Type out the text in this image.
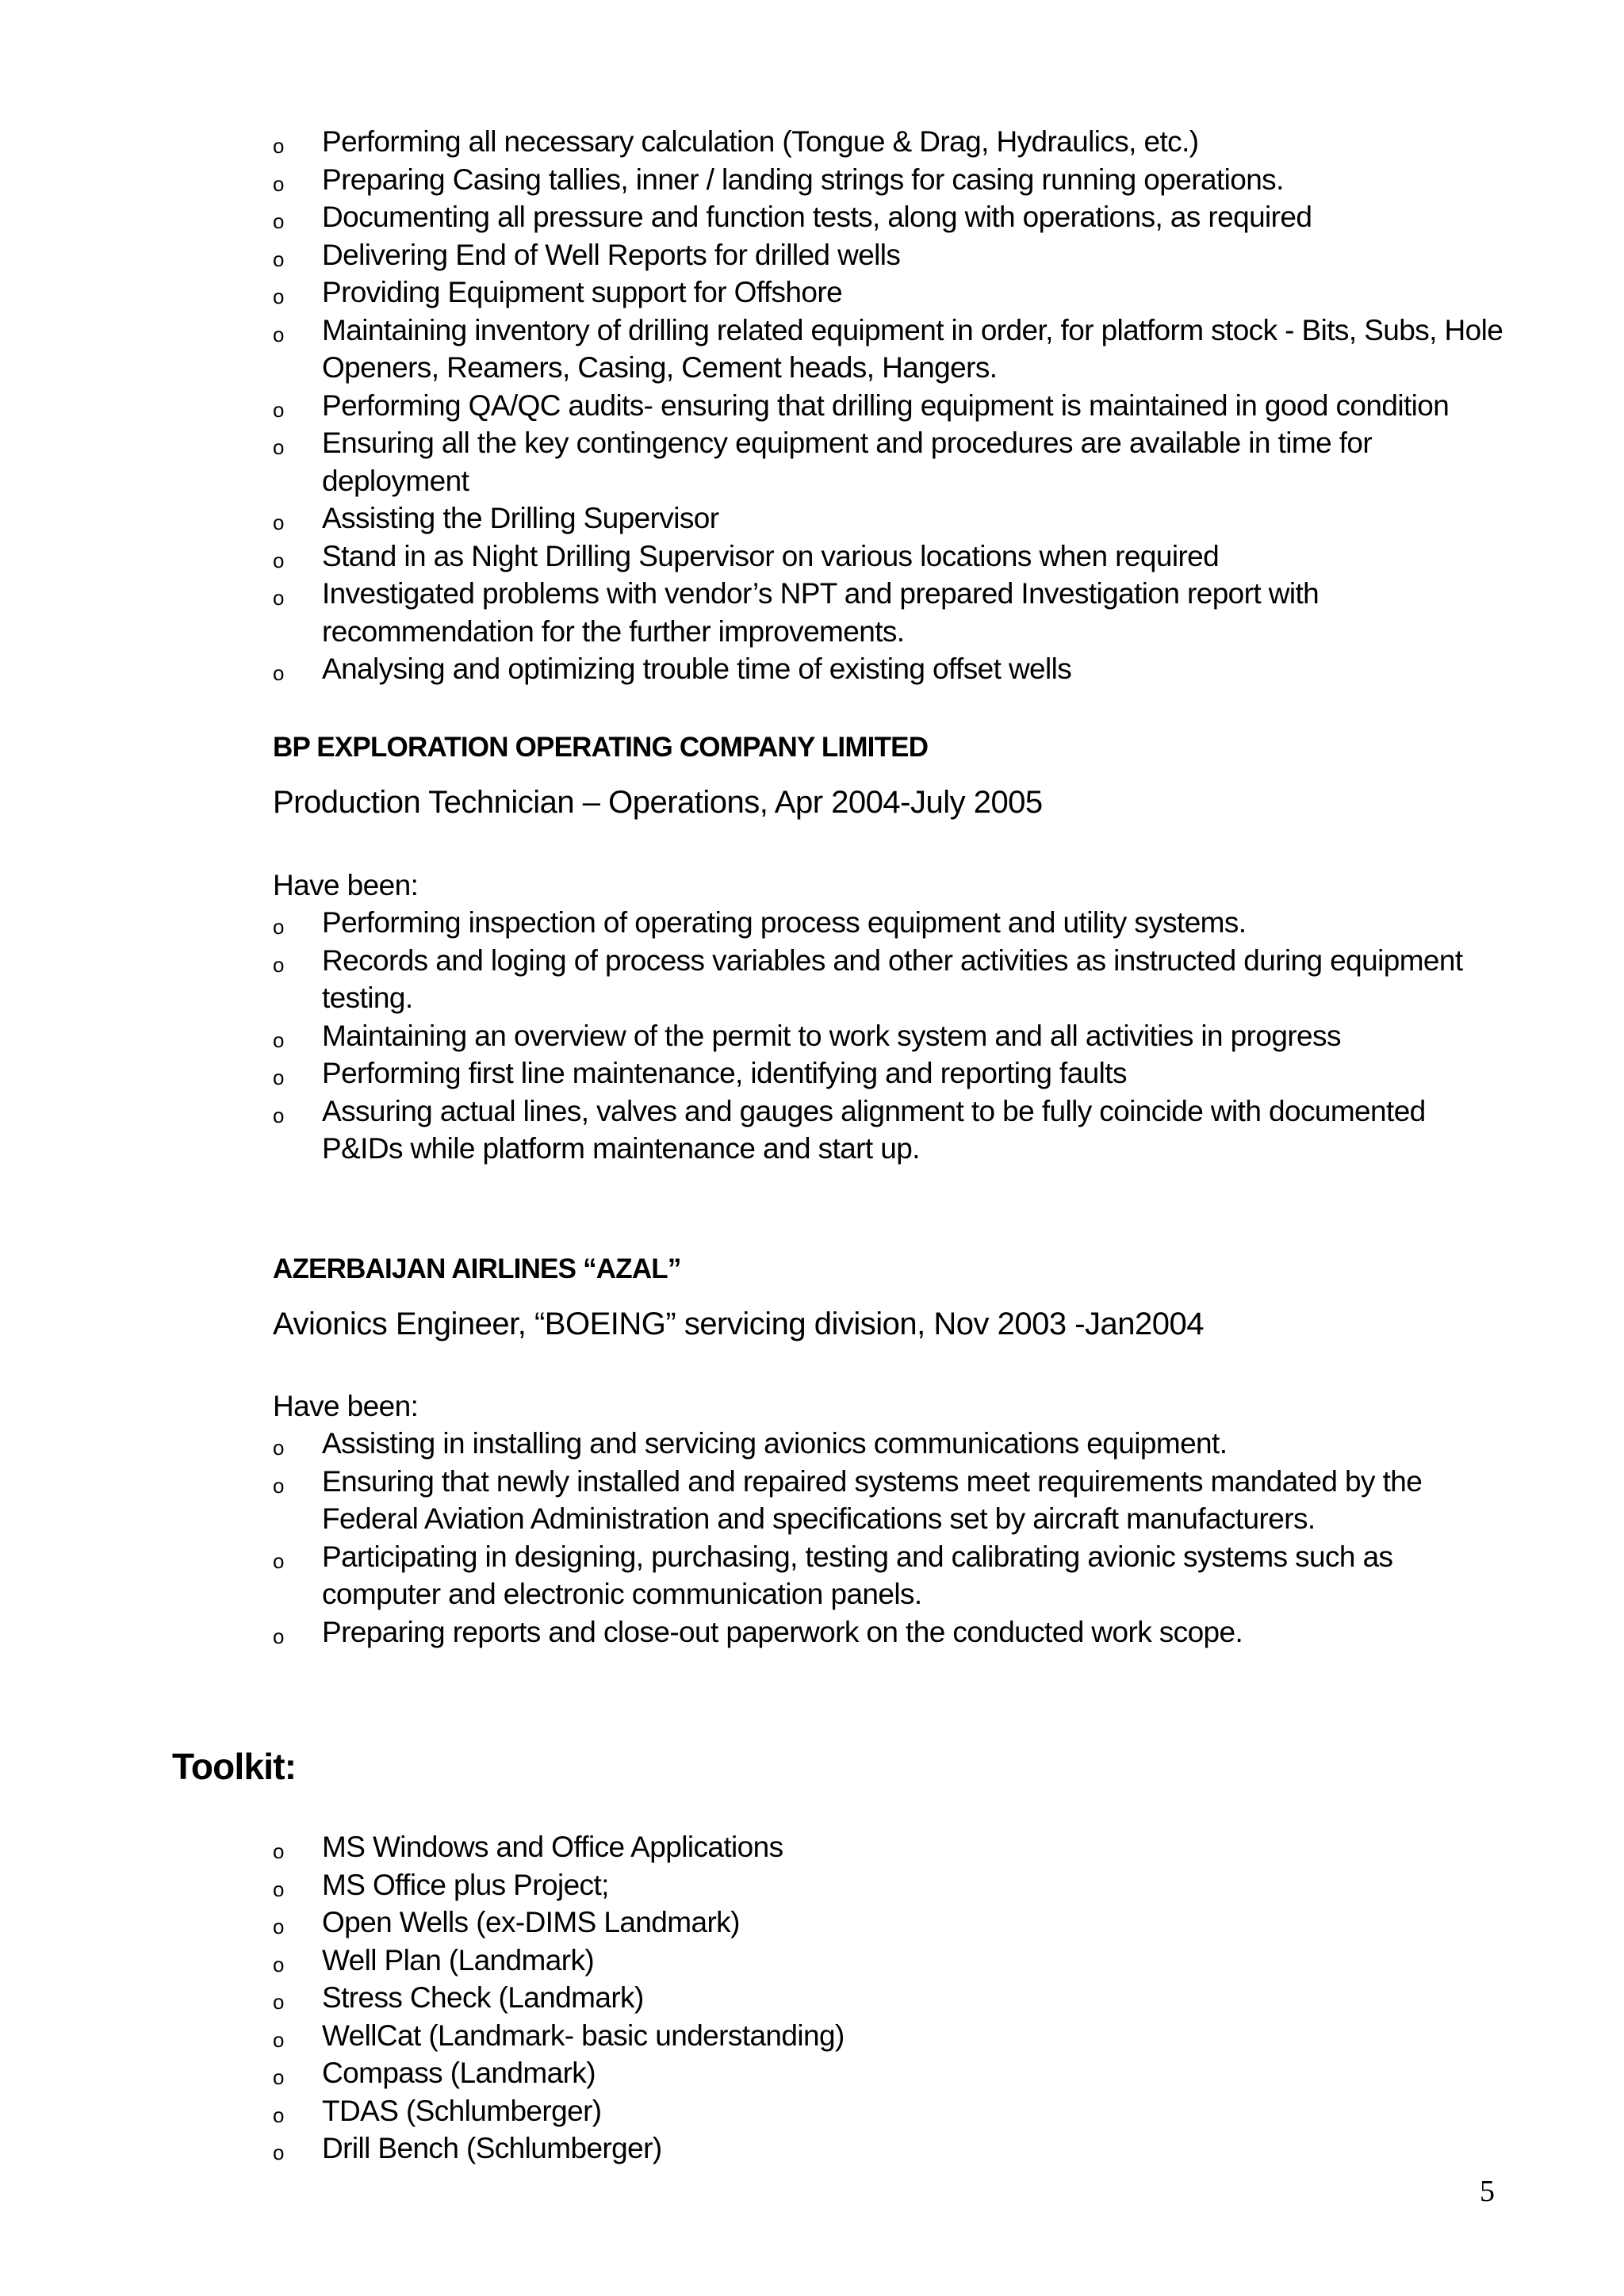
o Performing all necessary calculation (Tongue & Drag, Hydraulics, etc.)
o Preparing Casing tallies, inner / landing strings for casing running operations.
o Documenting all pressure and function tests, along with operations, as required
o Delivering End of Well Reports for drilled wells
o Providing Equipment support for Offshore
o Maintaining inventory of drilling related equipment in order, for platform stock - Bits, Subs, Hole Openers, Reamers, Casing, Cement heads, Hangers.
o Performing QA/QC audits- ensuring that drilling equipment is maintained in good condition
o Ensuring all the key contingency equipment and procedures are available in time for deployment
o Assisting the Drilling Supervisor
o Stand in as Night Drilling Supervisor on various locations when required
o Investigated problems with vendor’s NPT and prepared Investigation report with recommendation for the further improvements.
o Analysing and optimizing trouble time of existing offset wells
BP EXPLORATION OPERATING COMPANY LIMITED

Production Technician – Operations, Apr 2004-July 2005

Have been:

o Performing inspection of operating process equipment and utility systems.
o Records and loging of process variables and other activities as instructed during equipment testing.
o Maintaining an overview of the permit to work system and all activities in progress
o Performing first line maintenance, identifying and reporting faults
o Assuring actual lines, valves and gauges alignment to be fully coincide with documented P&IDs while platform maintenance and start up.
AZERBAIJAN AIRLINES “AZAL”

Avionics Engineer, “BOEING” servicing division, Nov 2003 -Jan2004

Have been:

o Assisting in installing and servicing avionics communications equipment.
o Ensuring that newly installed and repaired systems meet requirements mandated by the Federal Aviation Administration and specifications set by aircraft manufacturers.
o Participating in designing, purchasing, testing and calibrating avionic systems such as computer and electronic communication panels.
o Preparing reports and close-out paperwork on the conducted work scope.
Toolkit:
o MS Windows and Office Applications
o MS Office plus Project;
o Open Wells (ex-DIMS Landmark)
o Well Plan (Landmark)
o Stress Check (Landmark)
o WellCat (Landmark- basic understanding)
o Compass (Landmark)
o TDAS (Schlumberger)
o Drill Bench (Schlumberger)
5
